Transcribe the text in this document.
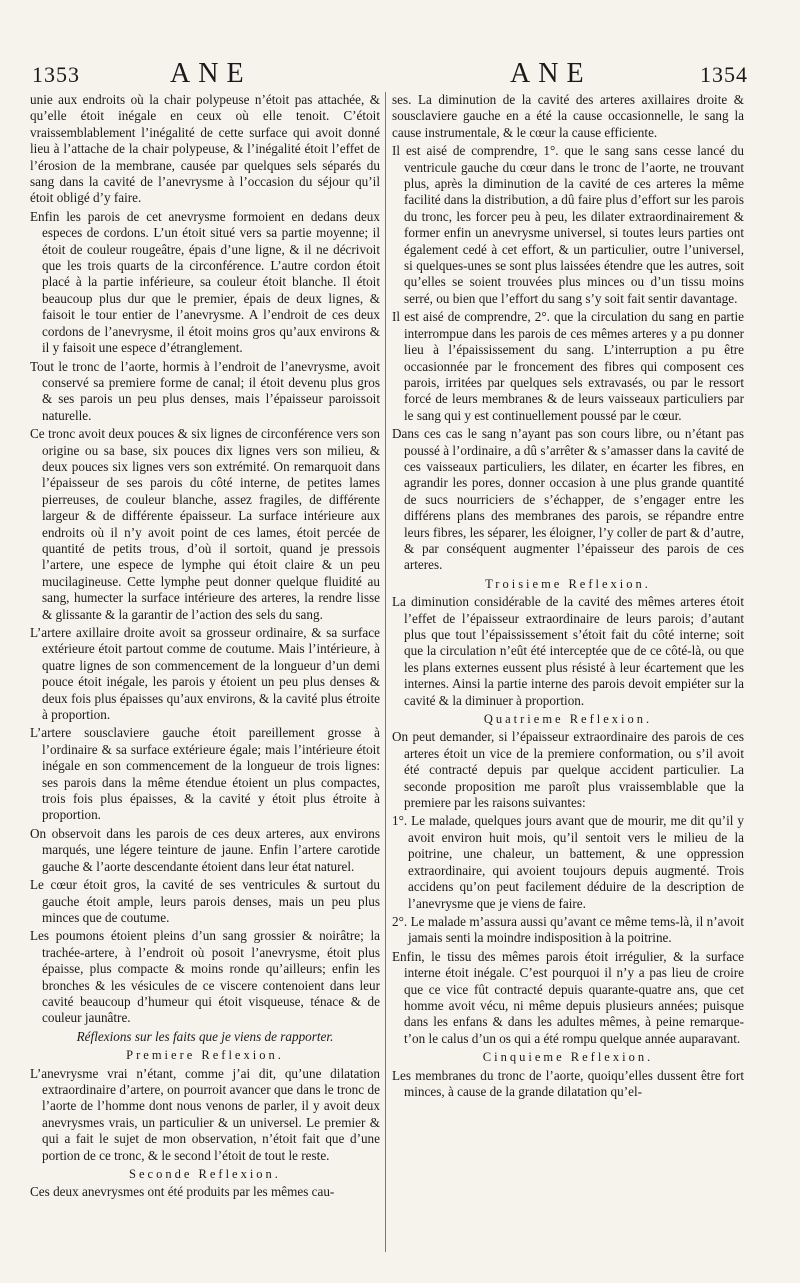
1353	ANE	ANE	1354

unie aux endroits où la chair polypeuse n’étoit pas attachée, & qu’elle étoit inégale en ceux où elle tenoit. C’étoit vraissemblablement l’inégalité de cette surface qui avoit donné lieu à l’attache de la chair polypeuse, & l’inégalité étoit l’effet de l’érosion de la membrane, causée par quelques sels séparés du sang dans la cavité de l’anevrysme à l’occasion du séjour qu’il étoit obligé d’y faire.

Enfin les parois de cet anevrysme formoient en dedans deux especes de cordons. L’un étoit situé vers sa partie moyenne; il étoit de couleur rougeâtre, épais d’une ligne, & il ne décrivoit que les trois quarts de la circonférence. L’autre cordon étoit placé à la partie inférieure, sa couleur étoit blanche. Il étoit beaucoup plus dur que le premier, épais de deux lignes, & faisoit le tour entier de l’anevrysme. A l’endroit de ces deux cordons de l’anevrysme, il étoit moins gros qu’aux environs & il y faisoit une espece d’étranglement.

Tout le tronc de l’aorte, hormis à l’endroit de l’anevrysme, avoit conservé sa premiere forme de canal; il étoit devenu plus gros & ses parois un peu plus denses, mais l’épaisseur paroissoit naturelle.

Ce tronc avoit deux pouces & six lignes de circonférence vers son origine ou sa base, six pouces dix lignes vers son milieu, & deux pouces six lignes vers son extrémité. On remarquoit dans l’épaisseur de ses parois du côté interne, de petites lames pierreuses, de couleur blanche, assez fragiles, de différente largeur & de différente épaisseur. La surface intérieure aux endroits où il n’y avoit point de ces lames, étoit percée de quantité de petits trous, d’où il sortoit, quand je pressois l’artere, une espece de lymphe qui étoit claire & un peu mucilagineuse. Cette lymphe peut donner quelque fluidité au sang, humecter la surface intérieure des arteres, la rendre lisse & glissante & la garantir de l’action des sels du sang.

L’artere axillaire droite avoit sa grosseur ordinaire, & sa surface extérieure étoit partout comme de coutume. Mais l’intérieure, à quatre lignes de son commencement de la longueur d’un demi pouce étoit inégale, les parois y étoient un peu plus denses & deux fois plus épaisses qu’aux environs, & la cavité plus étroite à proportion.

L’artere sousclaviere gauche étoit pareillement grosse à l’ordinaire & sa surface extérieure égale; mais l’intérieure étoit inégale en son commencement de la longueur de trois lignes: ses parois dans la même étendue étoient un plus compactes, trois fois plus épaisses, & la cavité y étoit plus étroite à proportion.

On observoit dans les parois de ces deux arteres, aux environs marqués, une légere teinture de jaune. Enfin l’artere carotide gauche & l’aorte descendante étoient dans leur état naturel.

Le cœur étoit gros, la cavité de ses ventricules & surtout du gauche étoit ample, leurs parois denses, mais un peu plus minces que de coutume.

Les poumons étoient pleins d’un sang grossier & noirâtre; la trachée-artere, à l’endroit où posoit l’anevrysme, étoit plus épaisse, plus compacte & moins ronde qu’ailleurs; enfin les bronches & les vésicules de ce viscere contenoient dans leur cavité beaucoup d’humeur qui étoit visqueuse, ténace & de couleur jaunâtre.

Réflexions sur les faits que je viens de rapporter.

Premiere Reflexion.

L’anevrysme vrai n’étant, comme j’ai dit, qu’une dilatation extraordinaire d’artere, on pourroit avancer que dans le tronc de l’aorte de l’homme dont nous venons de parler, il y avoit deux anevrysmes vrais, un particulier & un universel. Le premier & qui a fait le sujet de mon observation, n’étoit fait que d’une portion de ce tronc, & le second l’étoit de tout le reste.

Seconde Reflexion.

Ces deux anevrysmes ont été produits par les mêmes cau-

ses. La diminution de la cavité des arteres axillaires droite & sousclaviere gauche en a été la cause occasionnelle, le sang la cause instrumentale, & le cœur la cause efficiente.

Il est aisé de comprendre, 1°. que le sang sans cesse lancé du ventricule gauche du cœur dans le tronc de l’aorte, ne trouvant plus, après la diminution de la cavité de ces arteres la même facilité dans la distribution, a dû faire plus d’effort sur les parois du tronc, les forcer peu à peu, les dilater extraordinairement & former enfin un anevrysme universel, si toutes leurs parties ont également cedé à cet effort, & un particulier, outre l’universel, si quelques-unes se sont plus laissées étendre que les autres, soit qu’elles se soient trouvées plus minces ou d’un tissu moins serré, ou bien que l’effort du sang s’y soit fait sentir davantage.

Il est aisé de comprendre, 2°. que la circulation du sang en partie interrompue dans les parois de ces mêmes arteres y a pu donner lieu à l’épaississement du sang. L’interruption a pu être occasionnée par le froncement des fibres qui composent ces parois, irritées par quelques sels extravasés, ou par le ressort forcé de leurs membranes & de leurs vaisseaux particuliers par le sang qui y est continuellement poussé par le cœur.

Dans ces cas le sang n’ayant pas son cours libre, ou n’étant pas poussé à l’ordinaire, a dû s’arrêter & s’amasser dans la cavité de ces vaisseaux particuliers, les dilater, en écarter les fibres, en agrandir les pores, donner occasion à une plus grande quantité de sucs nourriciers de s’échapper, de s’engager entre les différens plans des membranes des parois, se répandre entre leurs fibres, les séparer, les éloigner, l’y coller de part & d’autre, & par conséquent augmenter l’épaisseur des parois de ces arteres.

Troisieme Reflexion.

La diminution considérable de la cavité des mêmes arteres étoit l’effet de l’épaisseur extraordinaire de leurs parois; d’autant plus que tout l’épaississement s’étoit fait du côté interne; soit que la circulation n’eût été interceptée que de ce côté-là, ou que les plans externes eussent plus résisté à leur écartement que les internes. Ainsi la partie interne des parois devoit empiéter sur la cavité & la diminuer à proportion.

Quatrieme Reflexion.

On peut demander, si l’épaisseur extraordinaire des parois de ces arteres étoit un vice de la premiere conformation, ou s’il avoit été contracté depuis par quelque accident particulier. La seconde proposition me paroît plus vraissemblable que la premiere par les raisons suivantes:

1°. Le malade, quelques jours avant que de mourir, me dit qu’il y avoit environ huit mois, qu’il sentoit vers le milieu de la poitrine, une chaleur, un battement, & une oppression extraordinaire, qui avoient toujours depuis augmenté. Trois accidens qu’on peut facilement déduire de la description de l’anevrysme que je viens de faire.

2°. Le malade m’assura aussi qu’avant ce même tems-là, il n’avoit jamais senti la moindre indisposition à la poitrine.

Enfin, le tissu des mêmes parois étoit irrégulier, & la surface interne étoit inégale. C’est pourquoi il n’y a pas lieu de croire que ce vice fût contracté depuis quarante-quatre ans, que cet homme avoit vécu, ni même depuis plusieurs années; puisque dans les enfans & dans les adultes mêmes, à peine remarque-t’on le calus d’un os qui a été rompu quelque année auparavant.

Cinquieme Reflexion.

Les membranes du tronc de l’aorte, quoiqu’elles dussent être fort minces, à cause de la grande dilatation qu’el-
